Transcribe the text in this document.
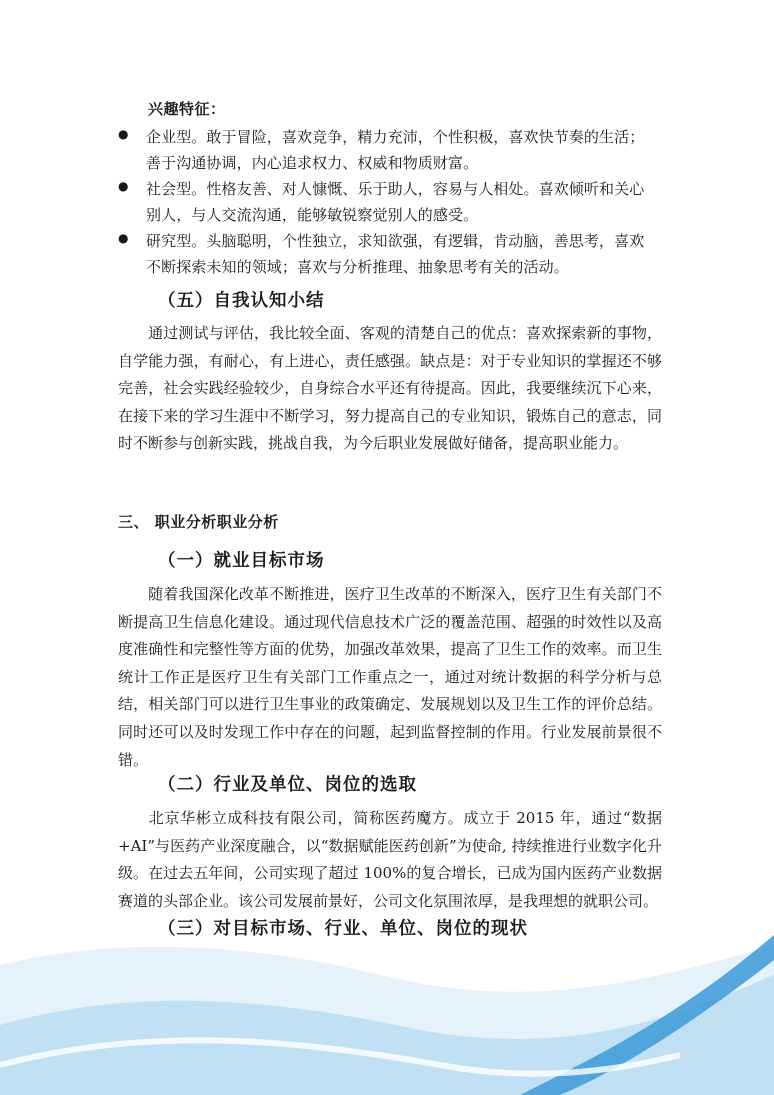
兴趣特征：
● 企业型。敢于冒险，喜欢竞争，精力充沛，个性积极，喜欢快节奏的生活；
善于沟通协调，内心追求权力、权威和物质财富。
● 社会型。性格友善、对人慷慨、乐于助人，容易与人相处。喜欢倾听和关心
别人，与人交流沟通，能够敏锐察觉别人的感受。
● 研究型。头脑聪明，个性独立，求知欲强，有逻辑，肯动脑，善思考，喜欢
不断探索未知的领域；喜欢与分析推理、抽象思考有关的活动。
（五）自我认知小结
通过测试与评估，我比较全面、客观的清楚自己的优点：喜欢探索新的事物，自学能力强，有耐心，有上进心，责任感强。缺点是：对于专业知识的掌握还不够完善，社会实践经验较少，自身综合水平还有待提高。因此，我要继续沉下心来，在接下来的学习生涯中不断学习，努力提高自己的专业知识，锻炼自己的意志，同时不断参与创新实践，挑战自我，为今后职业发展做好储备，提高职业能力。
三、 职业分析职业分析
（一）就业目标市场
随着我国深化改革不断推进，医疗卫生改革的不断深入，医疗卫生有关部门不断提高卫生信息化建设。通过现代信息技术广泛的覆盖范围、超强的时效性以及高度准确性和完整性等方面的优势，加强改革效果，提高了卫生工作的效率。而卫生统计工作正是医疗卫生有关部门工作重点之一，通过对统计数据的科学分析与总结，相关部门可以进行卫生事业的政策确定、发展规划以及卫生工作的评价总结。同时还可以及时发现工作中存在的问题，起到监督控制的作用。行业发展前景很不错。
（二）行业及单位、岗位的选取
北京华彬立成科技有限公司，简称医药魔方。成立于 2015 年，通过“数据+AI”与医药产业深度融合，以“数据赋能医药创新”为使命, 持续推进行业数字化升级。在过去五年间，公司实现了超过 100%的复合增长，已成为国内医药产业数据赛道的头部企业。该公司发展前景好，公司文化氛围浓厚，是我理想的就职公司。
（三）对目标市场、行业、单位、岗位的现状
